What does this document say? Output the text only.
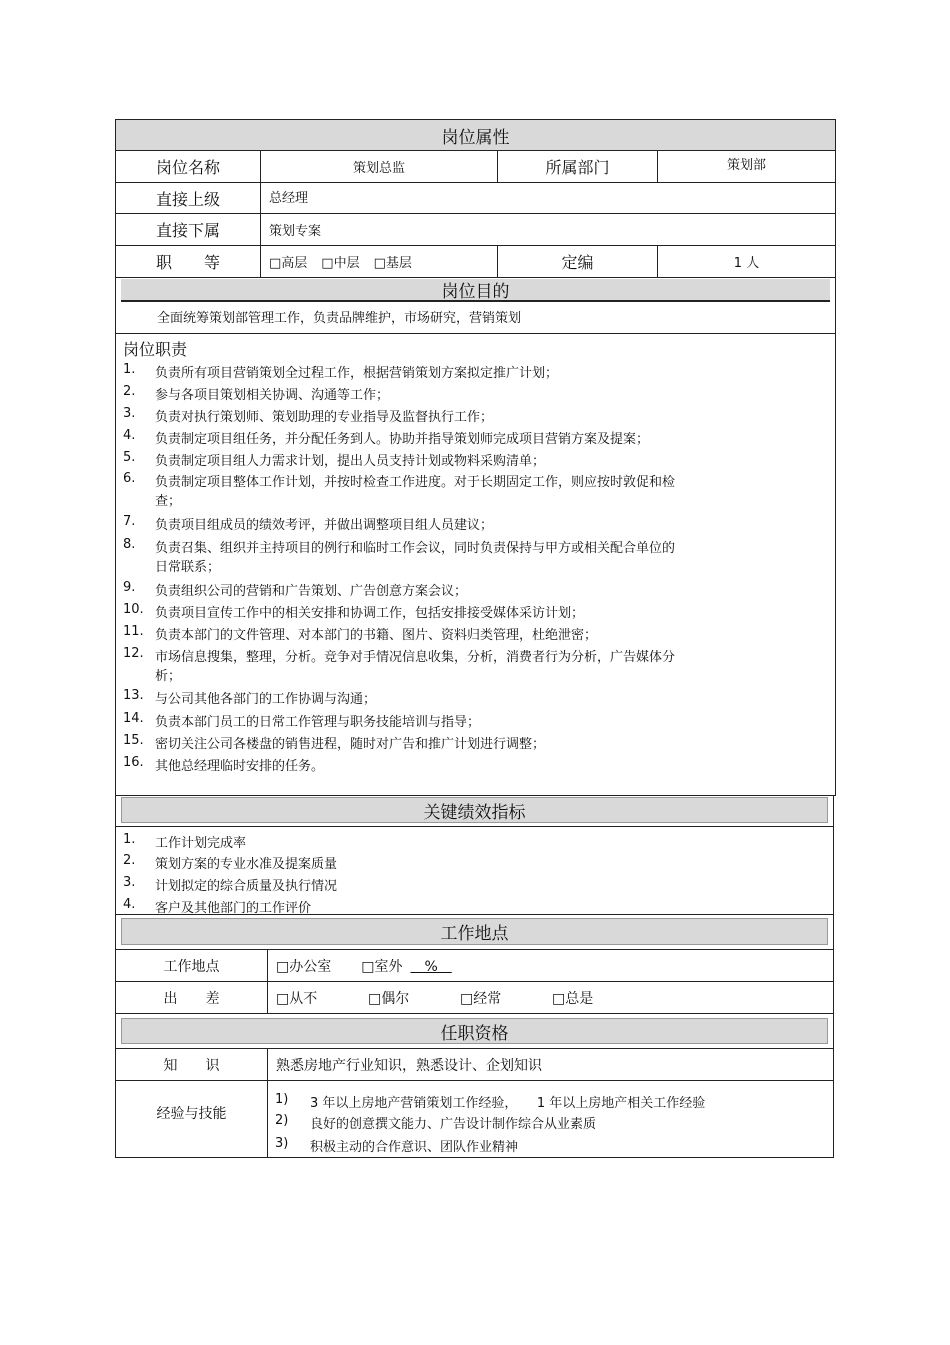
岗位属性
岗位名称	策划总监	所属部门	策划部
直接上级	总经理
直接下属	策划专案
职　　等	□高层 □中层 □基层	定编	1 人
岗位目的
全面统筹策划部管理工作，负责品牌维护，市场研究，营销策划
岗位职责
1. 负责所有项目营销策划全过程工作，根据营销策划方案拟定推广计划；
2. 参与各项目策划相关协调、沟通等工作；
3. 负责对执行策划师、策划助理的专业指导及监督执行工作；
4. 负责制定项目组任务，并分配任务到人。协助并指导策划师完成项目营销方案及提案；
5. 负责制定项目组人力需求计划，提出人员支持计划或物料采购清单；
6. 负责制定项目整体工作计划，并按时检查工作进度。对于长期固定工作，则应按时敦促和检
查；
7. 负责项目组成员的绩效考评，并做出调整项目组人员建议；
8. 负责召集、组织并主持项目的例行和临时工作会议，同时负责保持与甲方或相关配合单位的
日常联系；
9. 负责组织公司的营销和广告策划、广告创意方案会议；
10. 负责项目宣传工作中的相关安排和协调工作，包括安排接受媒体采访计划；
11. 负责本部门的文件管理、对本部门的书籍、图片、资料归类管理，杜绝泄密；
12. 市场信息搜集，整理，分析。竞争对手情况信息收集，分析，消费者行为分析，广告媒体分
析；
13. 与公司其他各部门的工作协调与沟通；
14. 负责本部门员工的日常工作管理与职务技能培训与指导；
15. 密切关注公司各楼盘的销售进程，随时对广告和推广计划进行调整；
16. 其他总经理临时安排的任务。
关键绩效指标
1. 工作计划完成率
2. 策划方案的专业水准及提案质量
3. 计划拟定的综合质量及执行情况
4. 客户及其他部门的工作评价
工作地点
工作地点	□办公室 □室外 　%　
出　　差	□从不	□偶尔	□经常	□总是
任职资格
知　　识	熟悉房地产行业知识，熟悉设计、企划知识
经验与技能
1) 3 年以上房地产营销策划工作经验，　　1 年以上房地产相关工作经验
2) 良好的创意撰文能力、广告设计制作综合从业素质
3) 积极主动的合作意识、团队作业精神
